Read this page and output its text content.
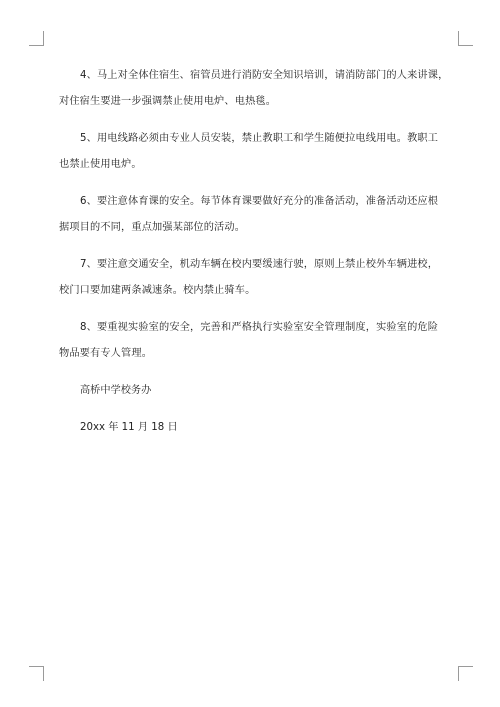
4、马上对全体住宿生、宿管员进行消防安全知识培训，请消防部门的人来讲课，
对住宿生要进一步强调禁止使用电炉、电热毯。

5、用电线路必须由专业人员安装，禁止教职工和学生随便拉电线用电。教职工
也禁止使用电炉。

6、要注意体育课的安全。每节体育课要做好充分的准备活动，准备活动还应根
据项目的不同，重点加强某部位的活动。

7、要注意交通安全，机动车辆在校内要缓速行驶，原则上禁止校外车辆进校，
校门口要加建两条减速条。校内禁止骑车。

8、要重视实验室的安全，完善和严格执行实验室安全管理制度，实验室的危险
物品要有专人管理。

高桥中学校务办

20xx 年 11 月 18 日
